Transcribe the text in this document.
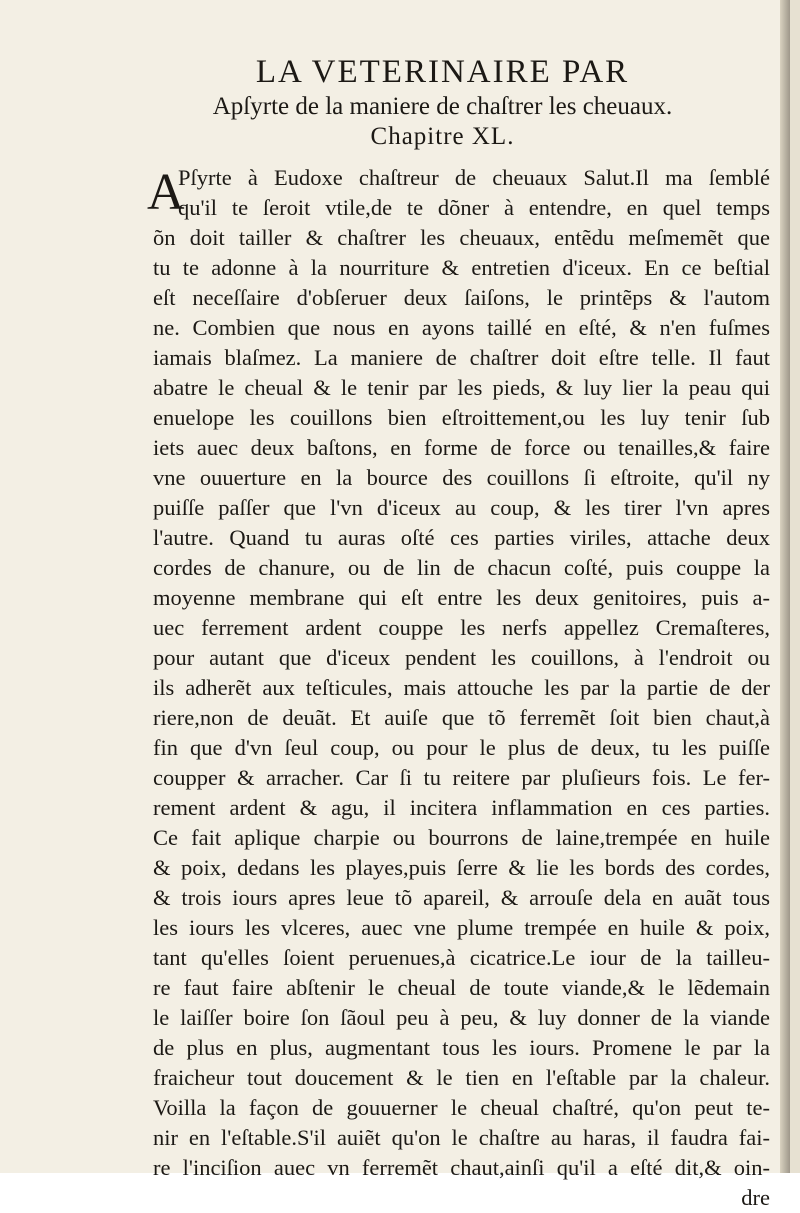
LA VETERINAIRE PAR
Apſyrte de la maniere de chaſtrer les cheuaux.
Chapitre XL.
A
Pſyrte à Eudoxe chaſtreur de cheuaux Salut.Il ma ſemblé
qu'il te ſeroit vtile,de te dõner à entendre, en quel temps
õn doit tailler & chaſtrer les cheuaux, entẽdu meſmemẽt que
tu te adonne à la nourriture & entretien d'iceux. En ce beſtial
eſt neceſſaire d'obſeruer deux ſaiſons, le printẽps & l'autom
ne. Combien que nous en ayons taillé en eſté, & n'en fuſmes
iamais blaſmez. La maniere de chaſtrer doit eſtre telle. Il faut
abatre le cheual & le tenir par les pieds, & luy lier la peau qui
enuelope les couillons bien eſtroittement,ou les luy tenir ſub
iets auec deux baſtons, en forme de force ou tenailles,& faire
vne ouuerture en la bource des couillons ſi eſtroite, qu'il ny
puiſſe paſſer que l'vn d'iceux au coup, & les tirer l'vn apres
l'autre. Quand tu auras oſté ces parties viriles, attache deux
cordes de chanure, ou de lin de chacun coſté, puis couppe la
moyenne membrane qui eſt entre les deux genitoires, puis a-
uec ferrement ardent couppe les nerfs appellez Cremaſteres,
pour autant que d'iceux pendent les couillons, à l'endroit ou
ils adherẽt aux teſticules, mais attouche les par la partie de der
riere,non de deuãt. Et auiſe que tõ ferremẽt ſoit bien chaut,à
fin que d'vn ſeul coup, ou pour le plus de deux, tu les puiſſe
coupper & arracher. Car ſi tu reitere par pluſieurs fois. Le fer-
rement ardent & agu, il incitera inflammation en ces parties.
Ce fait aplique charpie ou bourrons de laine,trempée en huile
& poix, dedans les playes,puis ſerre & lie les bords des cordes,
& trois iours apres leue tõ apareil, & arrouſe dela en auãt tous
les iours les vlceres, auec vne plume trempée en huile & poix,
tant qu'elles ſoient peruenues,à cicatrice.Le iour de la tailleu-
re faut faire abſtenir le cheual de toute viande,& le lẽdemain
le laiſſer boire ſon ſãoul peu à peu, & luy donner de la viande
de plus en plus, augmentant tous les iours. Promene le par la
fraicheur tout doucement & le tien en l'eſtable par la chaleur.
Voilla la façon de gouuerner le cheual chaſtré, qu'on peut te-
nir en l'eſtable.S'il auiẽt qu'on le chaſtre au haras, il faudra fai-
re l'inciſion auec vn ferremẽt chaut,ainſi qu'il a eſté dit,& oin-
dre
